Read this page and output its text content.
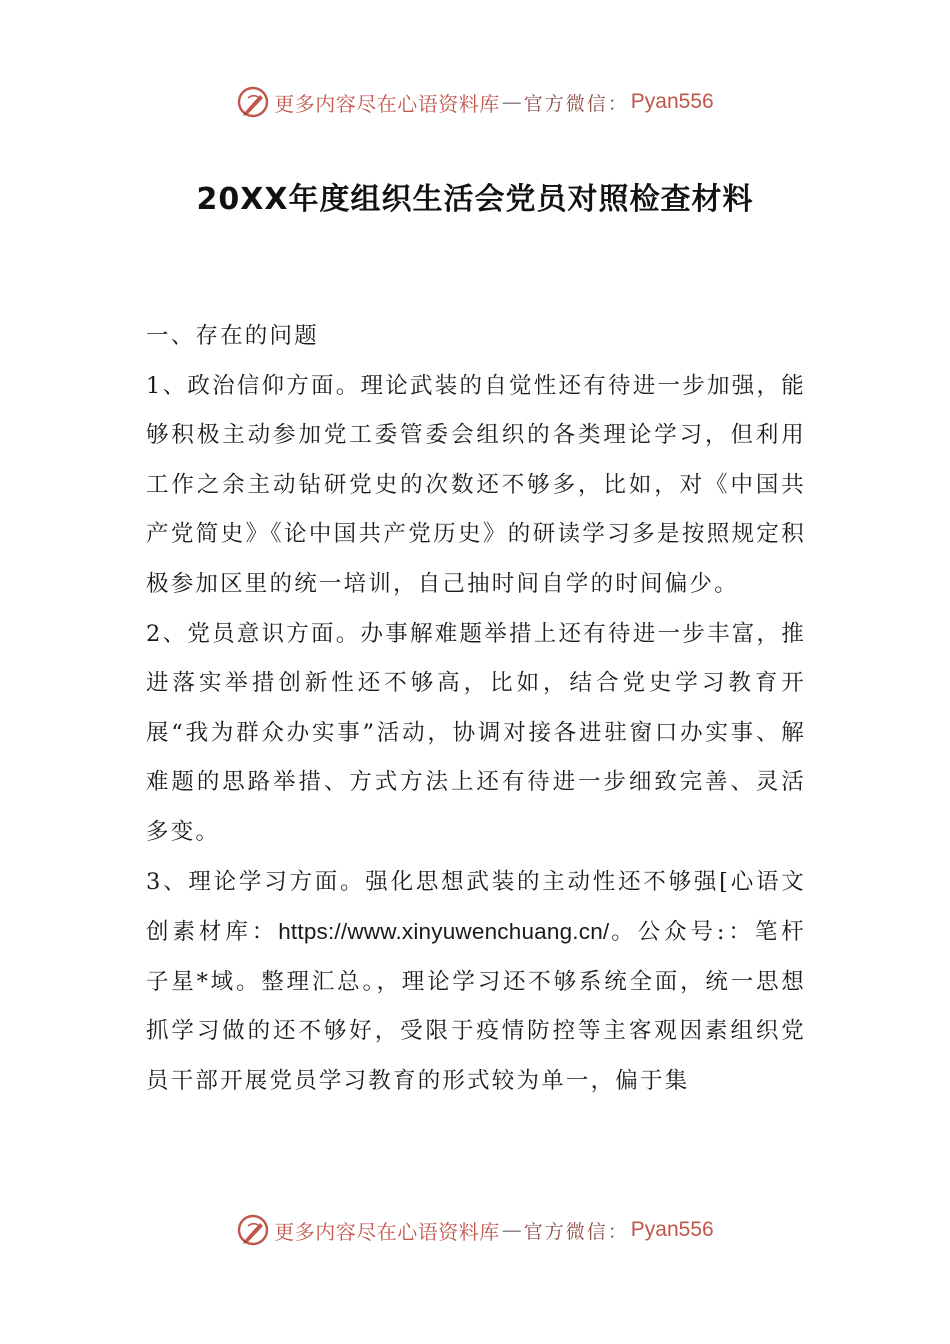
更多内容尽在心语资料库 — 官方微信： Pyan556
20XX年度组织生活会党员对照检查材料

一、存在的问题

1、政治信仰方面。理论武装的自觉性还有待进一步加强，能够积极主动参加党工委管委会组织的各类理论学习，但利用工作之余主动钻研党史的次数还不够多，比如，对《中国共产党简史》《论中国共产党历史》的研读学习多是按照规定积极参加区里的统一培训，自己抽时间自学的时间偏少。

2、党员意识方面。办事解难题举措上还有待进一步丰富，推进落实举措创新性还不够高，比如，结合党史学习教育开展“我为群众办实事”活动，协调对接各进驻窗口办实事、解难题的思路举措、方式方法上还有待进一步细致完善、灵活多变。

3、理论学习方面。强化思想武装的主动性还不够强[心语文创素材库：https://www.xinyuwenchuang.cn/。公众号:：笔杆子星*域。整理汇总。，理论学习还不够系统全面，统一思想抓学习做的还不够好，受限于疫情防控等主客观因素组织党员干部开展党员学习教育的形式较为单一，偏于集

更多内容尽在心语资料库 — 官方微信： Pyan556
